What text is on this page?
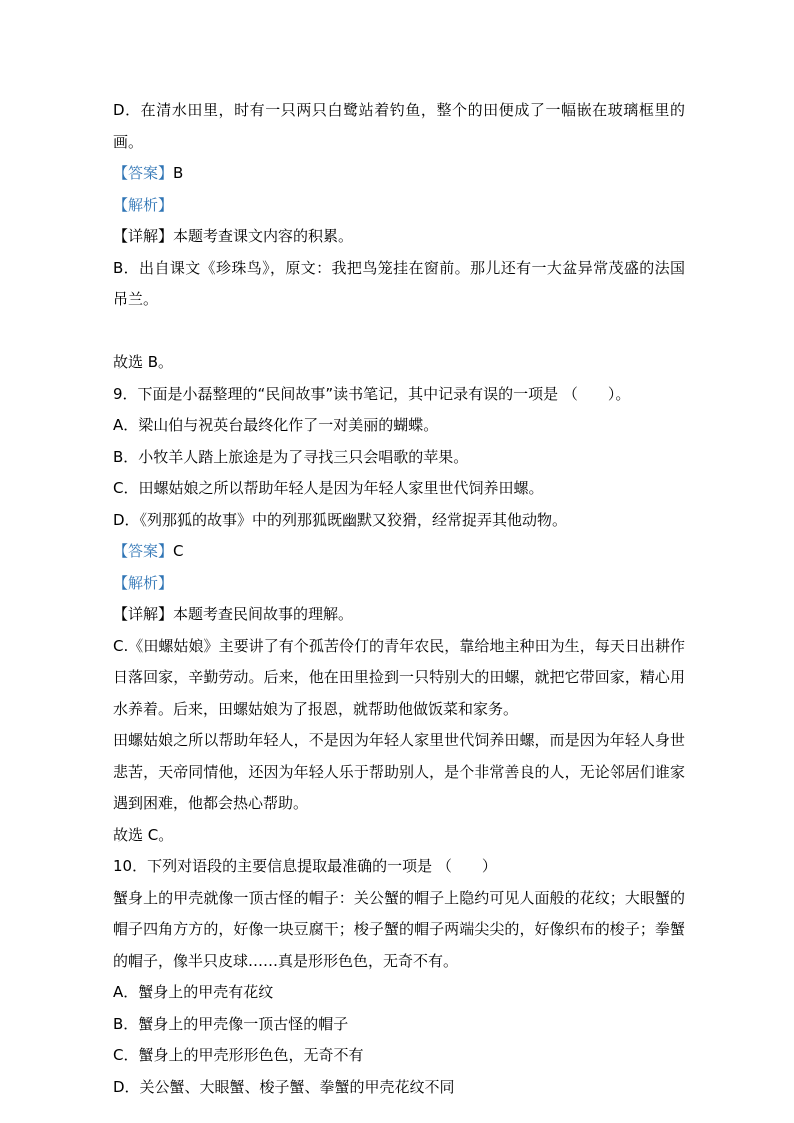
D．在清水田里，时有一只两只白鹭站着钓鱼，整个的田便成了一幅嵌在玻璃框里的画。

【答案】B

【解析】

【详解】本题考查课文内容的积累。

B．出自课文《珍珠鸟》，原文：我把鸟笼挂在窗前。那儿还有一大盆异常茂盛的法国吊兰。

故选 B。

9．下面是小磊整理的“民间故事”读书笔记，其中记录有误的一项是 （　　）。

A．梁山伯与祝英台最终化作了一对美丽的蝴蝶。

B．小牧羊人踏上旅途是为了寻找三只会唱歌的苹果。

C．田螺姑娘之所以帮助年轻人是因为年轻人家里世代饲养田螺。

D．《列那狐的故事》中的列那狐既幽默又狡猾，经常捉弄其他动物。

【答案】C

【解析】

【详解】本题考查民间故事的理解。

C.《田螺姑娘》主要讲了有个孤苦伶仃的青年农民，靠给地主种田为生，每天日出耕作日落回家，辛勤劳动。后来，他在田里捡到一只特别大的田螺，就把它带回家，精心用水养着。后来，田螺姑娘为了报恩，就帮助他做饭菜和家务。

田螺姑娘之所以帮助年轻人，不是因为年轻人家里世代饲养田螺，而是因为年轻人身世悲苦，天帝同情他，还因为年轻人乐于帮助别人，是个非常善良的人，无论邻居们谁家遇到困难，他都会热心帮助。

故选 C。

10．下列对语段的主要信息提取最准确的一项是 （　　）

蟹身上的甲壳就像一顶古怪的帽子：关公蟹的帽子上隐约可见人面般的花纹；大眼蟹的帽子四角方方的，好像一块豆腐干；梭子蟹的帽子两端尖尖的，好像织布的梭子；拳蟹的帽子，像半只皮球……真是形形色色，无奇不有。

A．蟹身上的甲壳有花纹

B．蟹身上的甲壳像一顶古怪的帽子

C．蟹身上的甲壳形形色色，无奇不有

D．关公蟹、大眼蟹、梭子蟹、拳蟹的甲壳花纹不同
